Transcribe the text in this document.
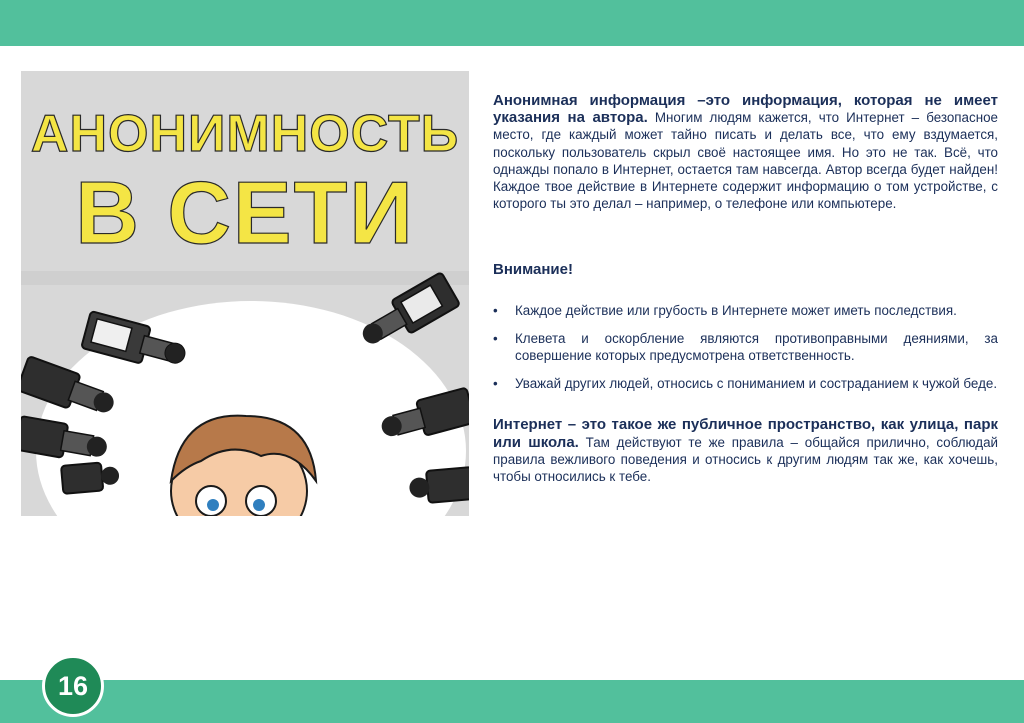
АНОНИМНОСТЬ
В СЕТИ

Анонимная информация –это информация, которая не имеет указания на автора. Многим людям кажется, что Интернет – безопасное место, где каждый может тайно писать и делать все, что ему вздумается, поскольку пользователь скрыл своё настоящее имя. Но это не так. Всё, что однажды попало в Интернет, остается там навсегда. Автор всегда будет найден! Каждое твое действие в Интернете содержит информацию о том устройстве, с которого ты это делал – например, о телефоне или компьютере.

Внимание!
• Каждое действие или грубость в Интернете может иметь последствия.
• Клевета и оскорбление являются противоправными деяниями, за совершение которых предусмотрена ответственность.
• Уважай других людей, относись с пониманием и состраданием к чужой беде.

Интернет – это такое же публичное пространство, как улица, парк или школа. Там действуют те же правила – общайся прилично, соблюдай правила вежливого поведения и относись к другим людям так же, как хочешь, чтобы относились к тебе.

16
